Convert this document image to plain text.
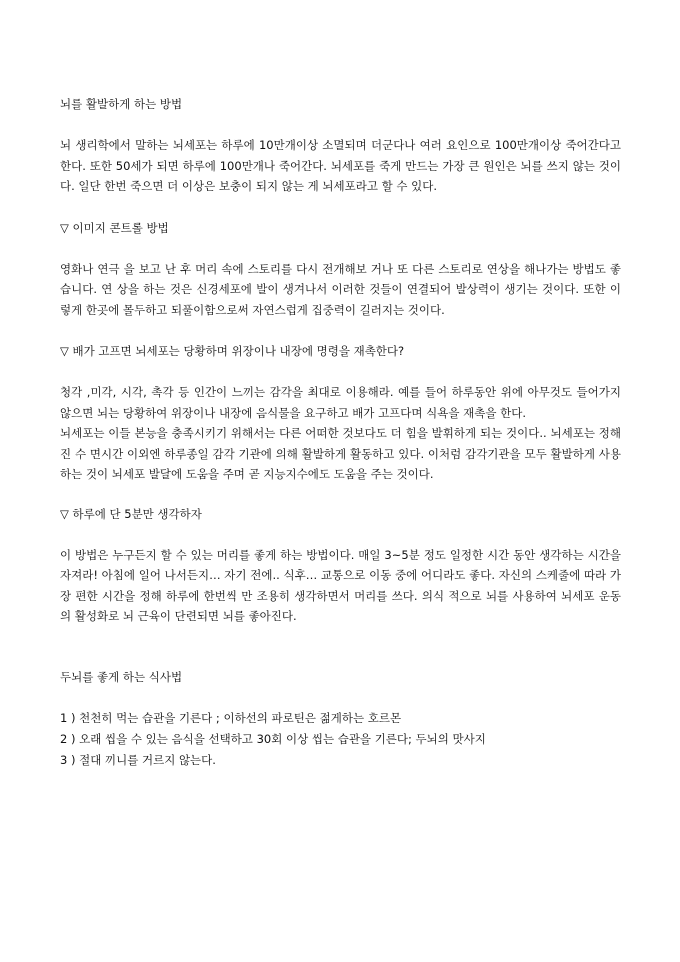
뇌를 활발하게 하는 방법

뇌 생리학에서 말하는 뇌세포는 하루에 10만개이상 소멸되며 더군다나 여러 요인으로 100만개이상 죽어간다고 한다. 또한 50세가 되면 하루에 100만개나 죽어간다. 뇌세포를 죽게 만드는 가장 큰 원인은 뇌를 쓰지 않는 것이다. 일단 한번 죽으면 더 이상은 보충이 되지 않는 게 뇌세포라고 할 수 있다.

▽ 이미지 콘트롤 방법

영화나 연극 을 보고 난 후 머리 속에 스토리를 다시 전개해보 거나 또 다른 스토리로 연상을 해나가는 방법도 좋습니다. 연 상을 하는 것은 신경세포에 발이 생겨나서 이러한 것들이 연결되어 발상력이 생기는 것이다. 또한 이렇게 한곳에 몰두하고 되풀이함으로써 자연스럽게 집중력이 길러지는 것이다.

▽ 배가 고프면 뇌세포는 당황하며 위장이나 내장에 명령을 재촉한다?

청각 ,미각, 시각, 촉각 등 인간이 느끼는 감각을 최대로 이용해라. 예를 들어 하루동안 위에 아무것도 들어가지 않으면 뇌는 당황하여 위장이나 내장에 음식물을 요구하고 배가 고프다며 식욕을 재촉을 한다.

뇌세포는 이들 본능을 충족시키기 위해서는 다른 어떠한 것보다도 더 힘을 발휘하게 되는 것이다.. 뇌세포는 정해진 수 면시간 이외엔 하루종일 감각 기관에 의해 활발하게 활동하고 있다. 이처럼 감각기관을 모두 활발하게 사용하는 것이 뇌세포 발달에 도움을 주며 곧 지능지수에도 도움을 주는 것이다.

▽ 하루에 단 5분만 생각하자

이 방법은 누구든지 할 수 있는 머리를 좋게 하는 방법이다. 매일 3~5분 정도 일정한 시간 동안 생각하는 시간을 자져라! 아침에 일어 나서든지… 자기 전에.. 식후… 교통으로 이동 중에 어디라도 좋다. 자신의 스케줄에 따라 가장 편한 시간을 정해 하루에 한번씩 만 조용히 생각하면서 머리를 쓰다. 의식 적으로 뇌를 사용하여 뇌세포 운동의 활성화로 뇌 근육이 단련되면 뇌를 좋아진다.

두뇌를 좋게 하는 식사법

1 ) 천천히 먹는 습관을 기른다 ; 이하선의 파로틴은 젊게하는 호르몬
2 ) 오래 씹을 수 있는 음식을 선택하고 30회 이상 씹는 습관을 기른다; 두뇌의 맛사지
3 ) 절대 끼니를 거르지 않는다.
